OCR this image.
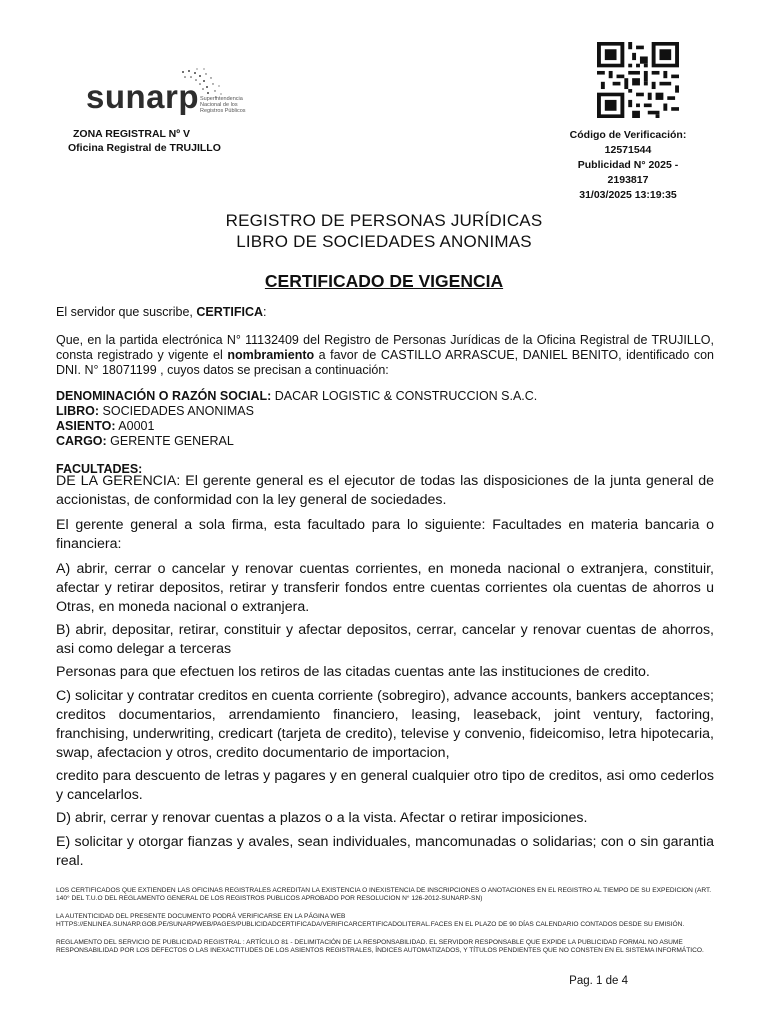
sunarp Superintendencia Nacional de los Registros Públicos
ZONA REGISTRAL Nº V
Oficina Registral de TRUJILLO
Código de Verificación:
12571544
Publicidad N° 2025 - 2193817
31/03/2025 13:19:35
REGISTRO DE PERSONAS JURÍDICAS
LIBRO DE SOCIEDADES ANONIMAS
CERTIFICADO DE VIGENCIA
El servidor que suscribe, CERTIFICA:
Que, en la partida electrónica N° 11132409 del Registro de Personas Jurídicas de la Oficina Registral de TRUJILLO, consta registrado y vigente el nombramiento a favor de CASTILLO ARRASCUE, DANIEL BENITO, identificado con DNI. N° 18071199 , cuyos datos se precisan a continuación:
DENOMINACIÓN O RAZÓN SOCIAL: DACAR LOGISTIC & CONSTRUCCION S.A.C.
LIBRO: SOCIEDADES ANONIMAS
ASIENTO: A0001
CARGO: GERENTE GENERAL
FACULTADES:
DE LA GERENCIA: El gerente general es el ejecutor de todas las disposiciones de la junta general de accionistas, de conformidad con la ley general de sociedades.
El gerente general a sola firma, esta facultado para lo siguiente: Facultades en materia bancaria o financiera:
A) abrir, cerrar o cancelar y renovar cuentas corrientes, en moneda nacional o extranjera, constituir, afectar y retirar depositos, retirar y transferir fondos entre cuentas corrientes ola cuentas de ahorros u Otras, en moneda nacional o extranjera.
B) abrir, depositar, retirar, constituir y afectar depositos, cerrar, cancelar y renovar cuentas de ahorros, asi como delegar a terceras
Personas para que efectuen los retiros de las citadas cuentas ante las instituciones de credito.
C) solicitar y contratar creditos en cuenta corriente (sobregiro), advance accounts, bankers acceptances; creditos documentarios, arrendamiento financiero, leasing, leaseback, joint ventury, factoring, franchising, underwriting, credicart (tarjeta de credito), televise y convenio, fideicomiso, letra hipotecaria, swap, afectacion y otros, credito documentario de importacion,
credito para descuento de letras y pagares y en general cualquier otro tipo de creditos, asi omo cederlos y cancelarlos.
D) abrir, cerrar y renovar cuentas a plazos o a la vista. Afectar o retirar imposiciones.
E) solicitar y otorgar fianzas y avales, sean individuales, mancomunadas o solidarias; con o sin garantia real.
LOS CERTIFICADOS QUE EXTIENDEN LAS OFICINAS REGISTRALES ACREDITAN LA EXISTENCIA O INEXISTENCIA DE INSCRIPCIONES O ANOTACIONES EN EL REGISTRO AL TIEMPO DE SU EXPEDICION (ART. 140° DEL T.U.O DEL REGLAMENTO GENERAL DE LOS REGISTROS PUBLICOS APROBADO POR RESOLUCION N° 126-2012-SUNARP-SN)
LA AUTENTICIDAD DEL PRESENTE DOCUMENTO PODRÁ VERIFICARSE EN LA PÁGINA WEB HTTPS://ENLINEA.SUNARP.GOB.PE/SUNARPWEB/PAGES/PUBLICIDADCERTIFICADA/VERIFICARCERTIFICADOLITERAL.FACES EN EL PLAZO DE 90 DÍAS CALENDARIO CONTADOS DESDE SU EMISIÓN.
REGLAMENTO DEL SERVICIO DE PUBLICIDAD REGISTRAL : ARTÍCULO 81 - DELIMITACIÓN DE LA RESPONSABILIDAD. EL SERVIDOR RESPONSABLE QUE EXPIDE LA PUBLICIDAD FORMAL NO ASUME RESPONSABILIDAD POR LOS DEFECTOS O LAS INEXACTITUDES DE LOS ASIENTOS REGISTRALES, ÍNDICES AUTOMATIZADOS, Y TÍTULOS PENDIENTES QUE NO CONSTEN EN EL SISTEMA INFORMÁTICO.
Pag. 1 de 4
